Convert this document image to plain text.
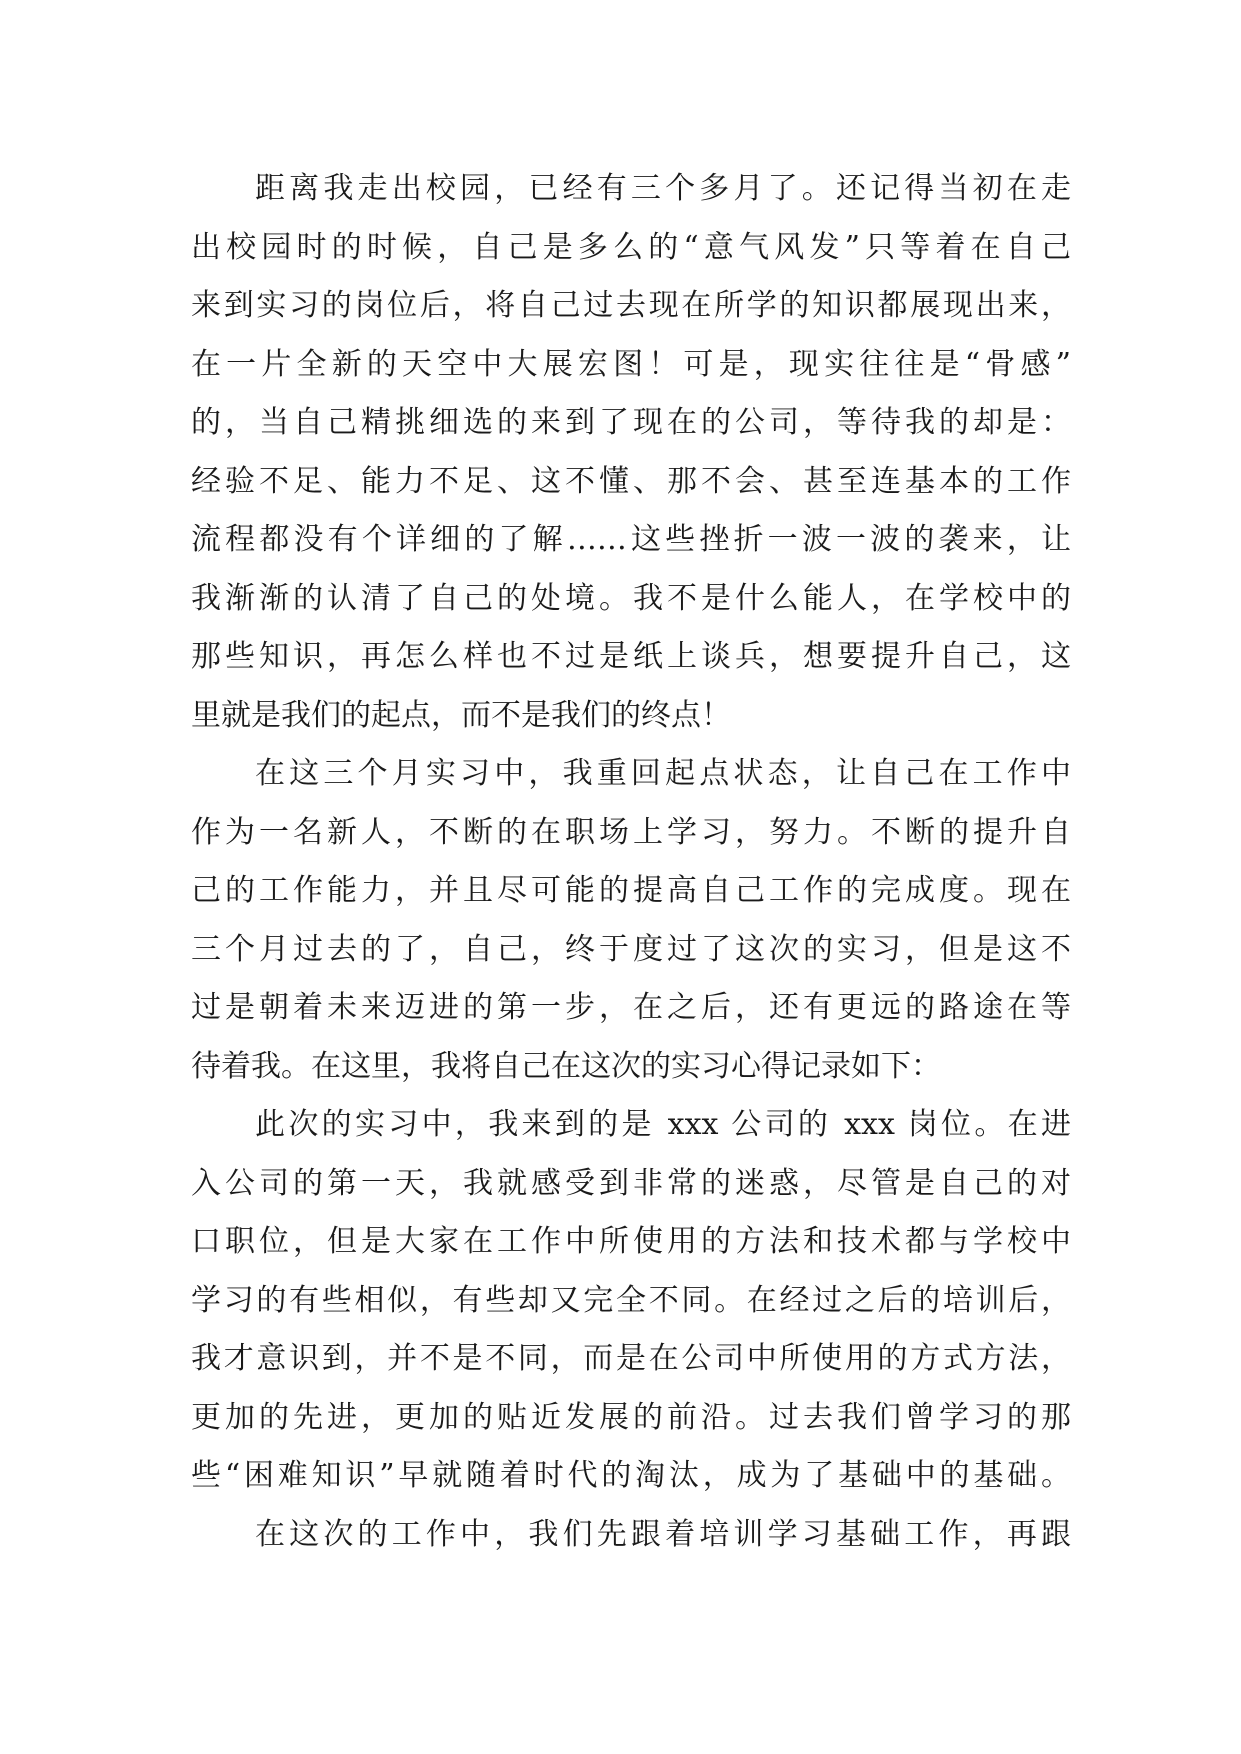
距离我走出校园，已经有三个多月了。还记得当初在走
出校园时的时候，自己是多么的“意气风发”只等着在自己
来到实习的岗位后，将自己过去现在所学的知识都展现出来，
在一片全新的天空中大展宏图！可是，现实往往是“骨感”
的，当自己精挑细选的来到了现在的公司，等待我的却是：
经验不足、能力不足、这不懂、那不会、甚至连基本的工作
流程都没有个详细的了解……这些挫折一波一波的袭来，让
我渐渐的认清了自己的处境。我不是什么能人，在学校中的
那些知识，再怎么样也不过是纸上谈兵，想要提升自己，这
里就是我们的起点，而不是我们的终点！
在这三个月实习中，我重回起点状态，让自己在工作中
作为一名新人，不断的在职场上学习，努力。不断的提升自
己的工作能力，并且尽可能的提高自己工作的完成度。现在
三个月过去的了，自己，终于度过了这次的实习，但是这不
过是朝着未来迈进的第一步，在之后，还有更远的路途在等
待着我。在这里，我将自己在这次的实习心得记录如下：
此次的实习中，我来到的是 xxx 公司的 xxx 岗位。在进
入公司的第一天，我就感受到非常的迷惑，尽管是自己的对
口职位，但是大家在工作中所使用的方法和技术都与学校中
学习的有些相似，有些却又完全不同。在经过之后的培训后，
我才意识到，并不是不同，而是在公司中所使用的方式方法，
更加的先进，更加的贴近发展的前沿。过去我们曾学习的那
些“困难知识”早就随着时代的淘汰，成为了基础中的基础。
在这次的工作中，我们先跟着培训学习基础工作，再跟
